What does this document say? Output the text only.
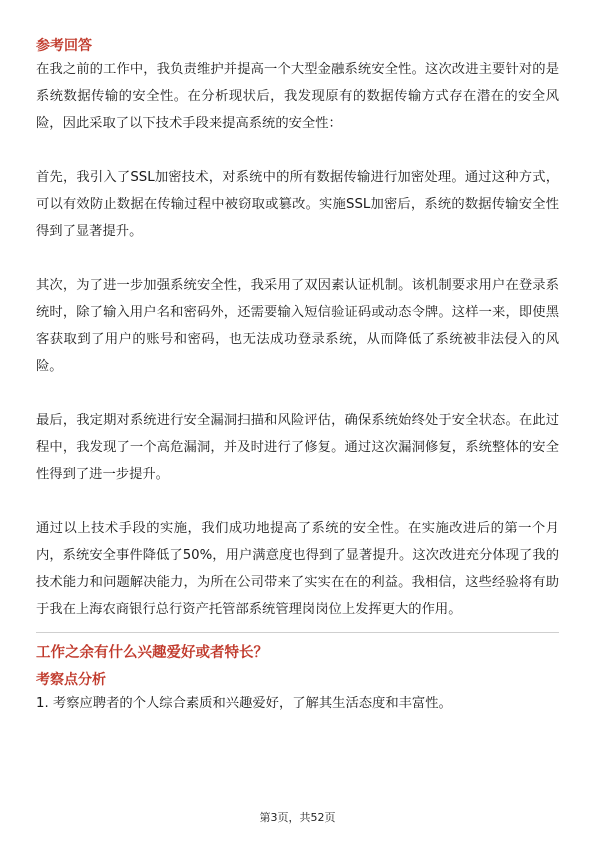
参考回答

在我之前的工作中，我负责维护并提高一个大型金融系统安全性。这次改进主要针对的是系统数据传输的安全性。在分析现状后，我发现原有的数据传输方式存在潜在的安全风险，因此采取了以下技术手段来提高系统的安全性：

首先，我引入了SSL加密技术，对系统中的所有数据传输进行加密处理。通过这种方式，可以有效防止数据在传输过程中被窃取或篡改。实施SSL加密后，系统的数据传输安全性得到了显著提升。

其次，为了进一步加强系统安全性，我采用了双因素认证机制。该机制要求用户在登录系统时，除了输入用户名和密码外，还需要输入短信验证码或动态令牌。这样一来，即使黑客获取到了用户的账号和密码，也无法成功登录系统，从而降低了系统被非法侵入的风险。

最后，我定期对系统进行安全漏洞扫描和风险评估，确保系统始终处于安全状态。在此过程中，我发现了一个高危漏洞，并及时进行了修复。通过这次漏洞修复，系统整体的安全性得到了进一步提升。

通过以上技术手段的实施，我们成功地提高了系统的安全性。在实施改进后的第一个月内，系统安全事件降低了50%，用户满意度也得到了显著提升。这次改进充分体现了我的技术能力和问题解决能力，为所在公司带来了实实在在的利益。我相信，这些经验将有助于我在上海农商银行总行资产托管部系统管理岗岗位上发挥更大的作用。

工作之余有什么兴趣爱好或者特长？

考察点分析

1. 考察应聘者的个人综合素质和兴趣爱好，了解其生活态度和丰富性。

第3页，共52页
